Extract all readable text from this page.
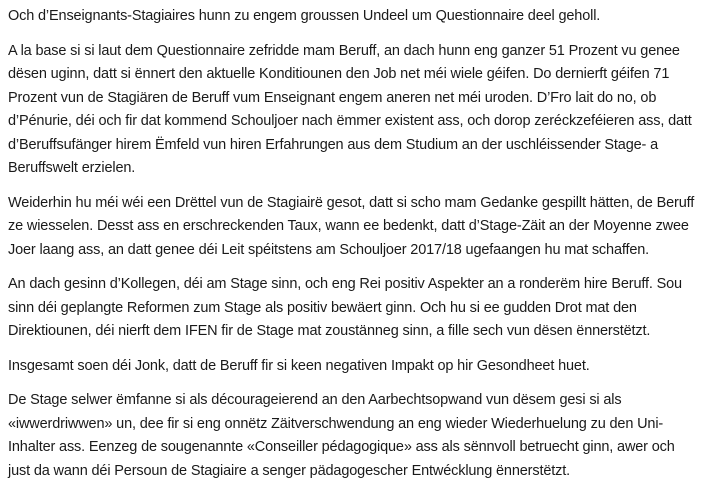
Och d’Enseignants-Stagiaires hunn zu engem groussen Undeel um Questionnaire deel geholl.

A la base si si laut dem Questionnaire zefridde mam Beruff, an dach hunn eng ganzer 51 Prozent vu genee dësen uginn, datt si ënnert den aktuelle Konditiounen den Job net méi wiele géifen. Do dernierft géifen 71 Prozent vun de Stagiären de Beruff vum Enseignant engem aneren net méi uroden. D’Fro lait do no, ob d’Pénurie, déi och fir dat kommend Schouljoer nach ëmmer existent ass, och dorop zeréckzeféieren ass, datt d’Beruffsufänger hirem Ëmfeld vun hiren Erfahrungen aus dem Studium an der uschléissender Stage- a Beruffswelt erzielen.

Weiderhin hu méi wéi een Drëttel vun de Stagiairë gesot, datt si scho mam Gedanke gespillt hätten, de Beruff ze wiesselen. Desst ass en erschreckenden Taux, wann ee bedenkt, datt d’Stage-Zäit an der Moyenne zwee Joer laang ass, an datt genee déi Leit spéitstens am Schouljoer 2017/18 ugefaangen hu mat schaffen.

An dach gesinn d’Kollegen, déi am Stage sinn, och eng Rei positiv Aspekter an a ronderëm hire Beruff. Sou sinn déi geplangte Reformen zum Stage als positiv bewäert ginn. Och hu si ee gudden Drot mat den Direktiounen, déi nierft dem IFEN fir de Stage mat zoustänneg sinn, a fille sech vun dësen ënnerstëtzt.

Insgesamt soen déi Jonk, datt de Beruff fir si keen negativen Impakt op hir Gesondheet huet.

De Stage selwer ëmfanne si als décourageierend an den Aarbechtsopwand vun dësem gesi si als «iwwerdriwwen» un, dee fir si eng onnëtz Zäitverschwendung an eng wieder Wiederhuelung zu den Uni-Inhalter ass. Eenzeg de sougenannte «Conseiller pédagogique» ass als sënnvoll betruecht ginn, awer och just da wann déi Persoun de Stagiaire a senger pädagogescher Entwécklung ënnerstëtzt.
